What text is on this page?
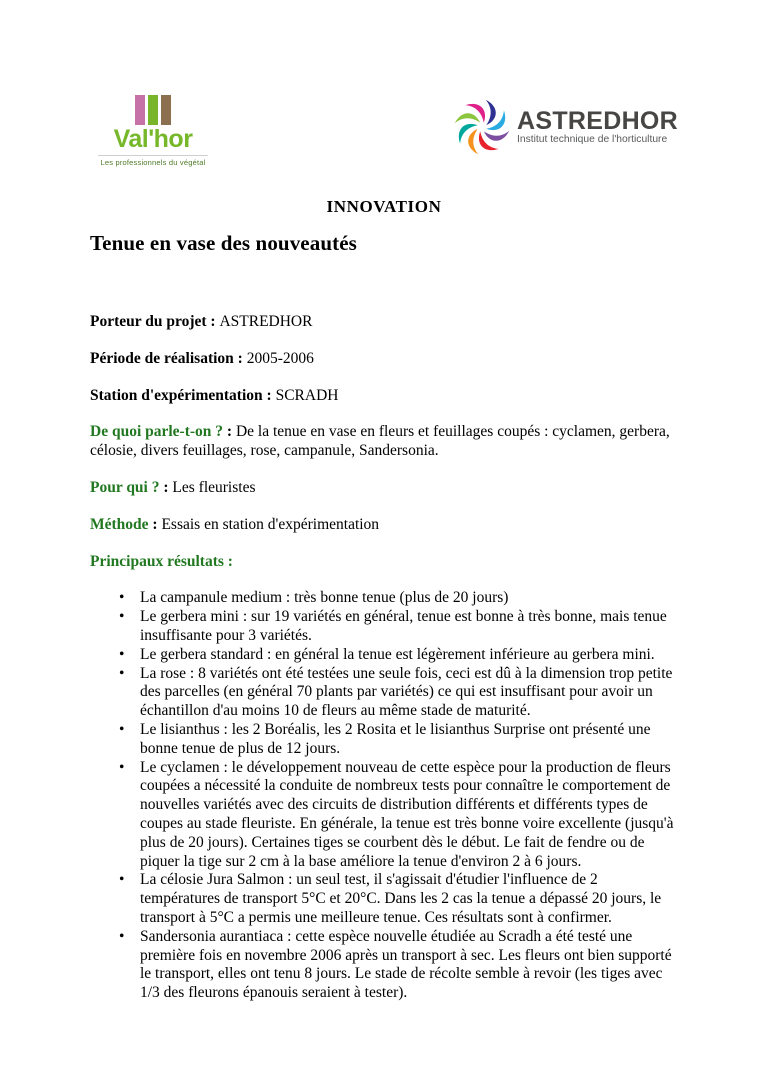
Val'hor
Les professionnels du végétal
ASTREDHOR
Institut technique de l'horticulture
INNOVATION
Tenue en vase des nouveautés

Porteur du projet : ASTREDHOR

Période de réalisation : 2005-2006

Station d'expérimentation : SCRADH

De quoi parle-t-on ? : De la tenue en vase en fleurs et feuillages coupés : cyclamen, gerbera, célosie, divers feuillages, rose, campanule, Sandersonia.

Pour qui ? : Les fleuristes

Méthode : Essais en station d'expérimentation

Principaux résultats :

• La campanule medium : très bonne tenue (plus de 20 jours)
• Le gerbera mini : sur 19 variétés en général, tenue est bonne à très bonne, mais tenue insuffisante pour 3 variétés.
• Le gerbera standard : en général la tenue est légèrement inférieure au gerbera mini.
• La rose : 8 variétés ont été testées une seule fois, ceci est dû à la dimension trop petite des parcelles (en général 70 plants par variétés) ce qui est insuffisant pour avoir un échantillon d'au moins 10 de fleurs au même stade de maturité.
• Le lisianthus : les 2 Boréalis, les 2 Rosita et le lisianthus Surprise ont présenté une bonne tenue de plus de 12 jours.
• Le cyclamen : le développement nouveau de cette espèce pour la production de fleurs coupées a nécessité la conduite de nombreux tests pour connaître le comportement de nouvelles variétés avec des circuits de distribution différents et différents types de coupes au stade fleuriste. En générale, la tenue est très bonne voire excellente (jusqu'à plus de 20 jours). Certaines tiges se courbent dès le début. Le fait de fendre ou de piquer la tige sur 2 cm à la base améliore la tenue d'environ 2 à 6 jours.
• La célosie Jura Salmon : un seul test, il s'agissait d'étudier l'influence de 2 températures de transport 5°C et 20°C. Dans les 2 cas la tenue a dépassé 20 jours, le transport à 5°C a permis une meilleure tenue. Ces résultats sont à confirmer.
• Sandersonia aurantiaca : cette espèce nouvelle étudiée au Scradh a été testé une première fois en novembre 2006 après un transport à sec. Les fleurs ont bien supporté le transport, elles ont tenu 8 jours. Le stade de récolte semble à revoir (les tiges avec 1/3 des fleurons épanouis seraient à tester).
